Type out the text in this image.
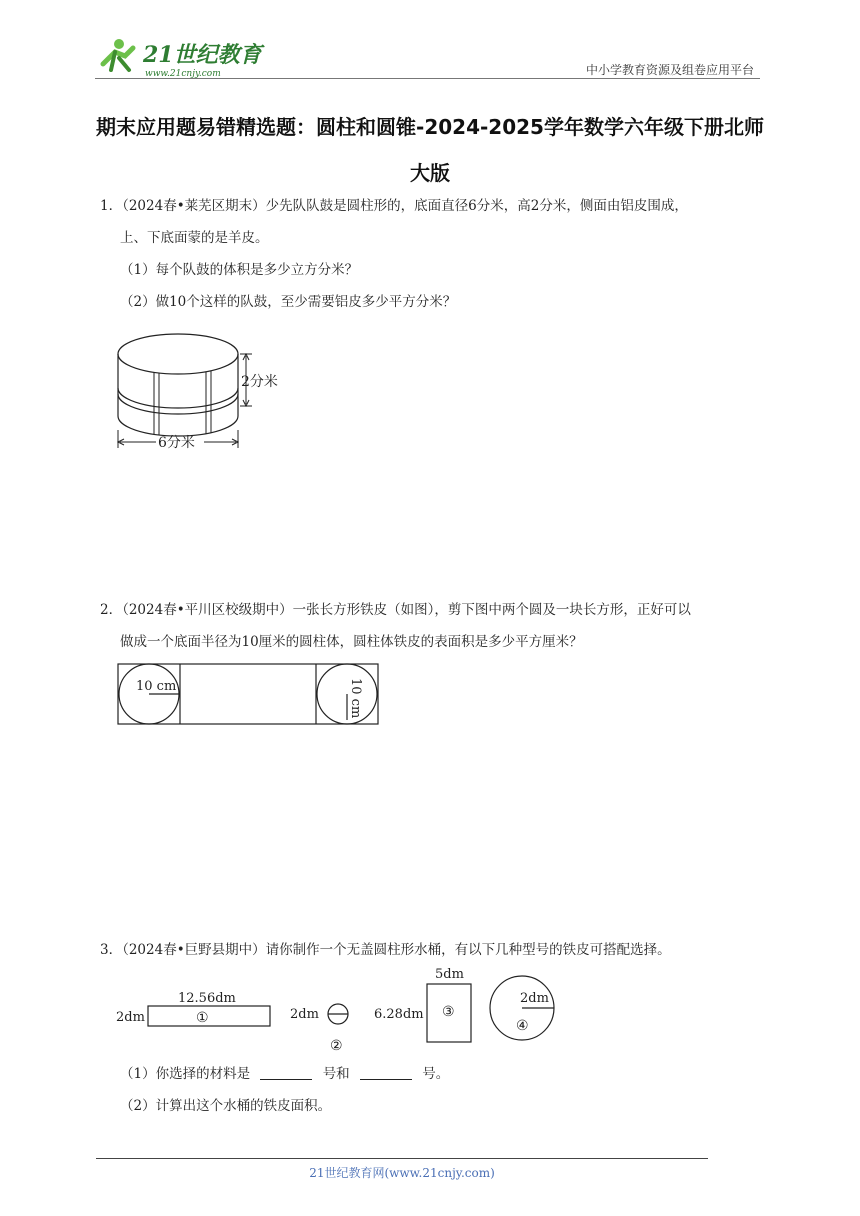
21世纪教育
www.21cnjy.com	中小学教育资源及组卷应用平台
期末应用题易错精选题：圆柱和圆锥-2024-2025学年数学六年级下册北师大版
1．（2024春•莱芜区期末）少先队队鼓是圆柱形的，底面直径6分米，高2分米，侧面由铝皮围成，
上、下底面蒙的是羊皮。
（1）每个队鼓的体积是多少立方分米？
（2）做10个这样的队鼓，至少需要铝皮多少平方分米？
2分米
6分米
2．（2024春•平川区校级期中）一张长方形铁皮（如图），剪下图中两个圆及一块长方形，正好可以
做成一个底面半径为10厘米的圆柱体，圆柱体铁皮的表面积是多少平方厘米？
10 cm	10 cm
3．（2024春•巨野县期中）请你制作一个无盖圆柱形水桶，有以下几种型号的铁皮可搭配选择。
12.56dm
2dm	①	2dm
②
5dm
6.28dm ③
2dm
④
（1）你选择的材料是	号和	号。
（2）计算出这个水桶的铁皮面积。
21世纪教育网(www.21cnjy.com)
